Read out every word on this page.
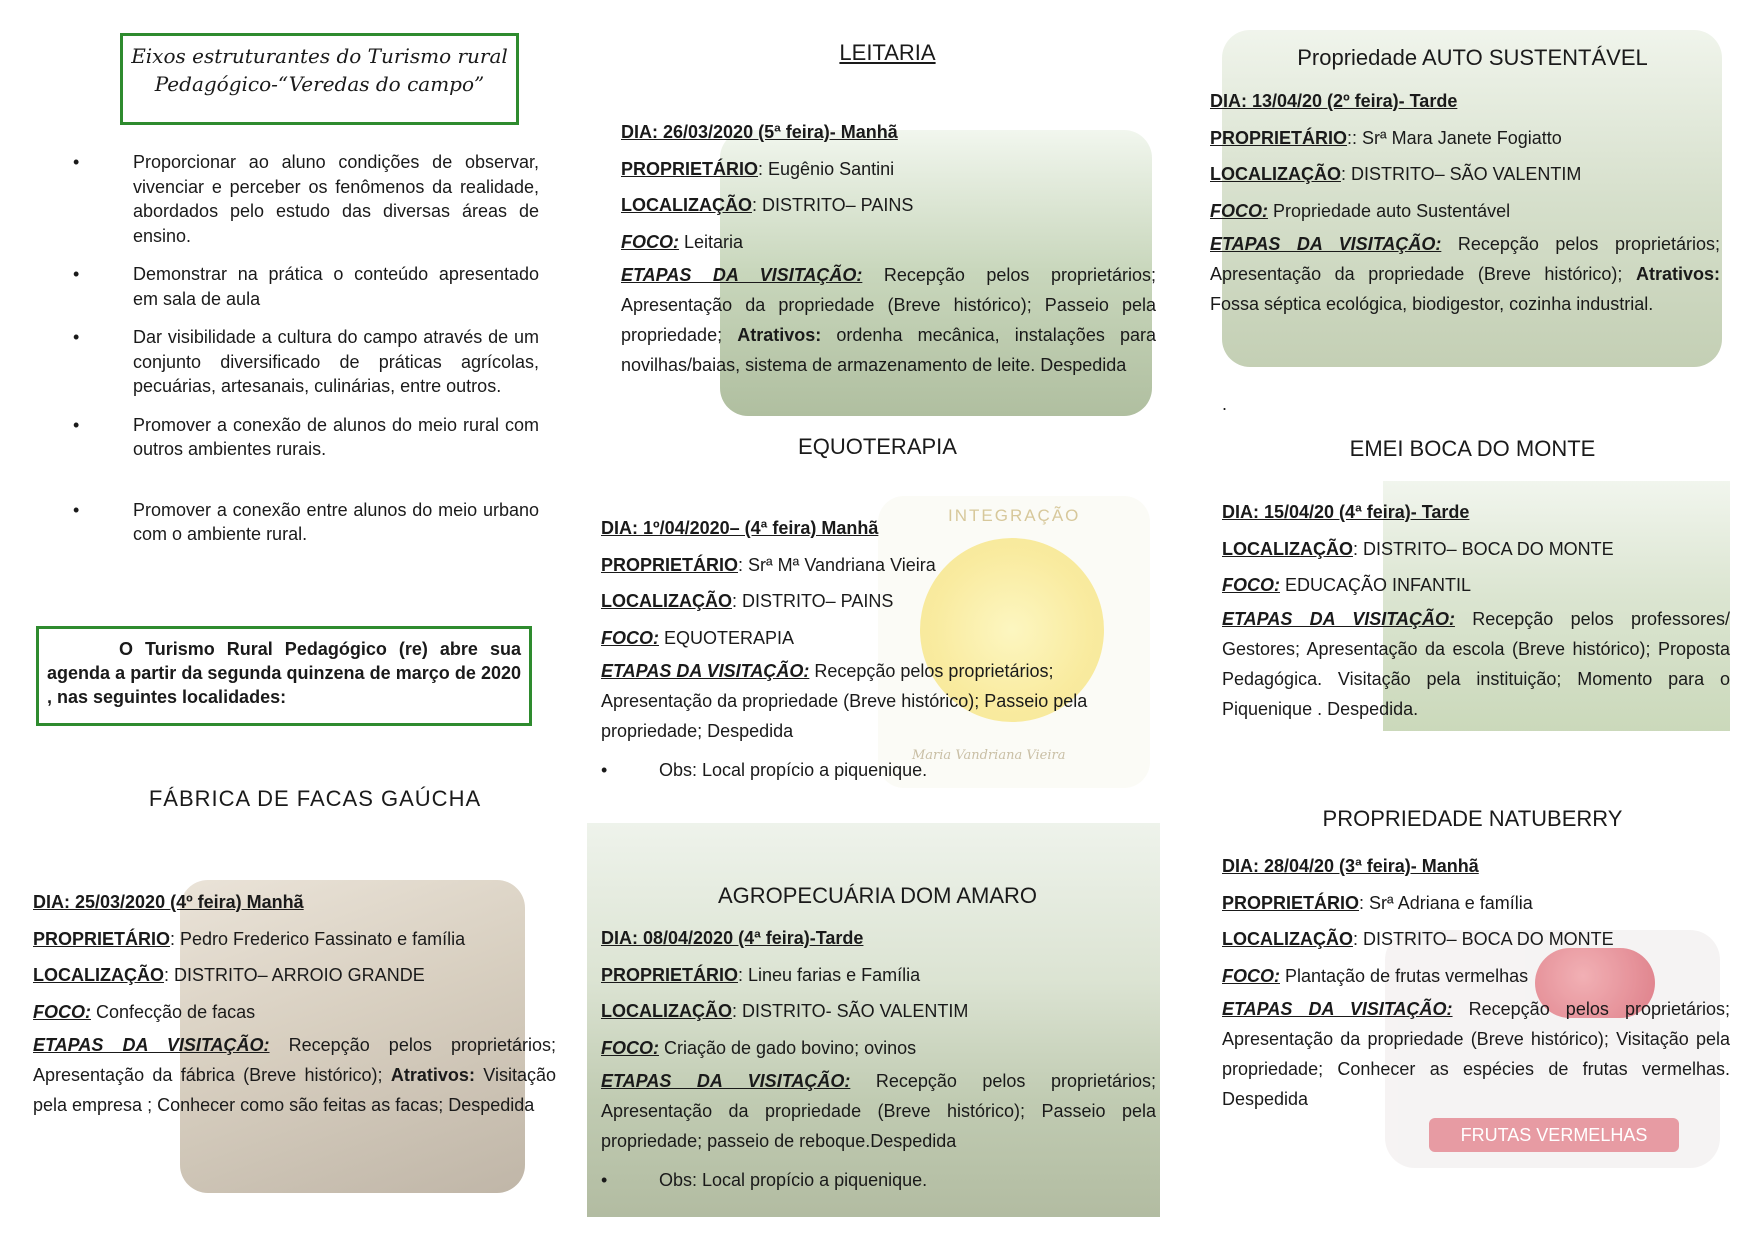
Eixos estruturantes do Turismo rural
Pedagógico-“Veredas do campo”
• Proporcionar ao aluno condições de observar, vivenciar e perceber os fenômenos da realidade, abordados pelo estudo das diversas áreas de ensino.
• Demonstrar na prática o conteúdo apresentado em sala de aula
• Dar visibilidade a cultura do campo através de um conjunto diversificado de práticas agrícolas, pecuárias, artesanais, culinárias, entre outros.
• Promover a conexão de alunos do meio rural com outros ambientes rurais.
• Promover a conexão entre alunos do meio urbano com o ambiente rural.
O Turismo Rural Pedagógico (re) abre sua agenda a partir da segunda quinzena de março de 2020 , nas seguintes localidades:
FÁBRICA DE FACAS GAÚCHA
DIA: 25/03/2020 (4º feira) Manhã
PROPRIETÁRIO: Pedro Frederico Fassinato e família
LOCALIZAÇÃO: DISTRITO– ARROIO GRANDE
FOCO: Confecção de facas
ETAPAS DA VISITAÇÃO: Recepção pelos proprietários; Apresentação da fábrica (Breve histórico); Atrativos: Visitação pela empresa ; Conhecer como são feitas as facas; Despedida
LEITARIA
DIA: 26/03/2020 (5ª feira)- Manhã
PROPRIETÁRIO: Eugênio Santini
LOCALIZAÇÃO: DISTRITO– PAINS
FOCO: Leitaria
ETAPAS DA VISITAÇÃO: Recepção pelos proprietários; Apresentação da propriedade (Breve histórico); Passeio pela propriedade; Atrativos: ordenha mecânica, instalações para novilhas/baias, sistema de armazenamento de leite. Despedida
EQUOTERAPIA
INTEGRAÇÃO
Maria Vandriana Vieira
DIA: 1º/04/2020– (4ª feira) Manhã
PROPRIETÁRIO: Srª Mª Vandriana Vieira
LOCALIZAÇÃO: DISTRITO– PAINS
FOCO: EQUOTERAPIA
ETAPAS DA VISITAÇÃO: Recepção pelos proprietários; Apresentação da propriedade (Breve histórico); Passeio pela propriedade; Despedida
• Obs: Local propício a piquenique.
AGROPECUÁRIA DOM AMARO
DIA: 08/04/2020 (4ª feira)-Tarde
PROPRIETÁRIO: Lineu farias e Família
LOCALIZAÇÃO: DISTRITO- SÃO VALENTIM
FOCO: Criação de gado bovino; ovinos
ETAPAS DA VISITAÇÃO: Recepção pelos proprietários; Apresentação da propriedade (Breve histórico); Passeio pela propriedade; passeio de reboque.Despedida
• Obs: Local propício a piquenique.
Propriedade AUTO SUSTENTÁVEL
DIA: 13/04/20 (2º feira)- Tarde
PROPRIETÁRIO:: Srª Mara Janete Fogiatto
LOCALIZAÇÃO: DISTRITO– SÃO VALENTIM
FOCO: Propriedade auto Sustentável
ETAPAS DA VISITAÇÃO: Recepção pelos proprietários; Apresentação da propriedade (Breve histórico); Atrativos: Fossa séptica ecológica, biodigestor, cozinha industrial.
.
EMEI BOCA DO MONTE
DIA: 15/04/20 (4ª feira)- Tarde
LOCALIZAÇÃO: DISTRITO– BOCA DO MONTE
FOCO: EDUCAÇÃO INFANTIL
ETAPAS DA VISITAÇÃO: Recepção pelos professores/ Gestores; Apresentação da escola (Breve histórico); Proposta Pedagógica. Visitação pela instituição; Momento para o Piquenique . Despedida.
PROPRIEDADE NATUBERRY
FRUTAS VERMELHAS
DIA: 28/04/20 (3ª feira)- Manhã
PROPRIETÁRIO: Srª Adriana e família
LOCALIZAÇÃO: DISTRITO– BOCA DO MONTE
FOCO: Plantação de frutas vermelhas
ETAPAS DA VISITAÇÃO: Recepção pelos proprietários; Apresentação da propriedade (Breve histórico); Visitação pela propriedade; Conhecer as espécies de frutas vermelhas. Despedida
